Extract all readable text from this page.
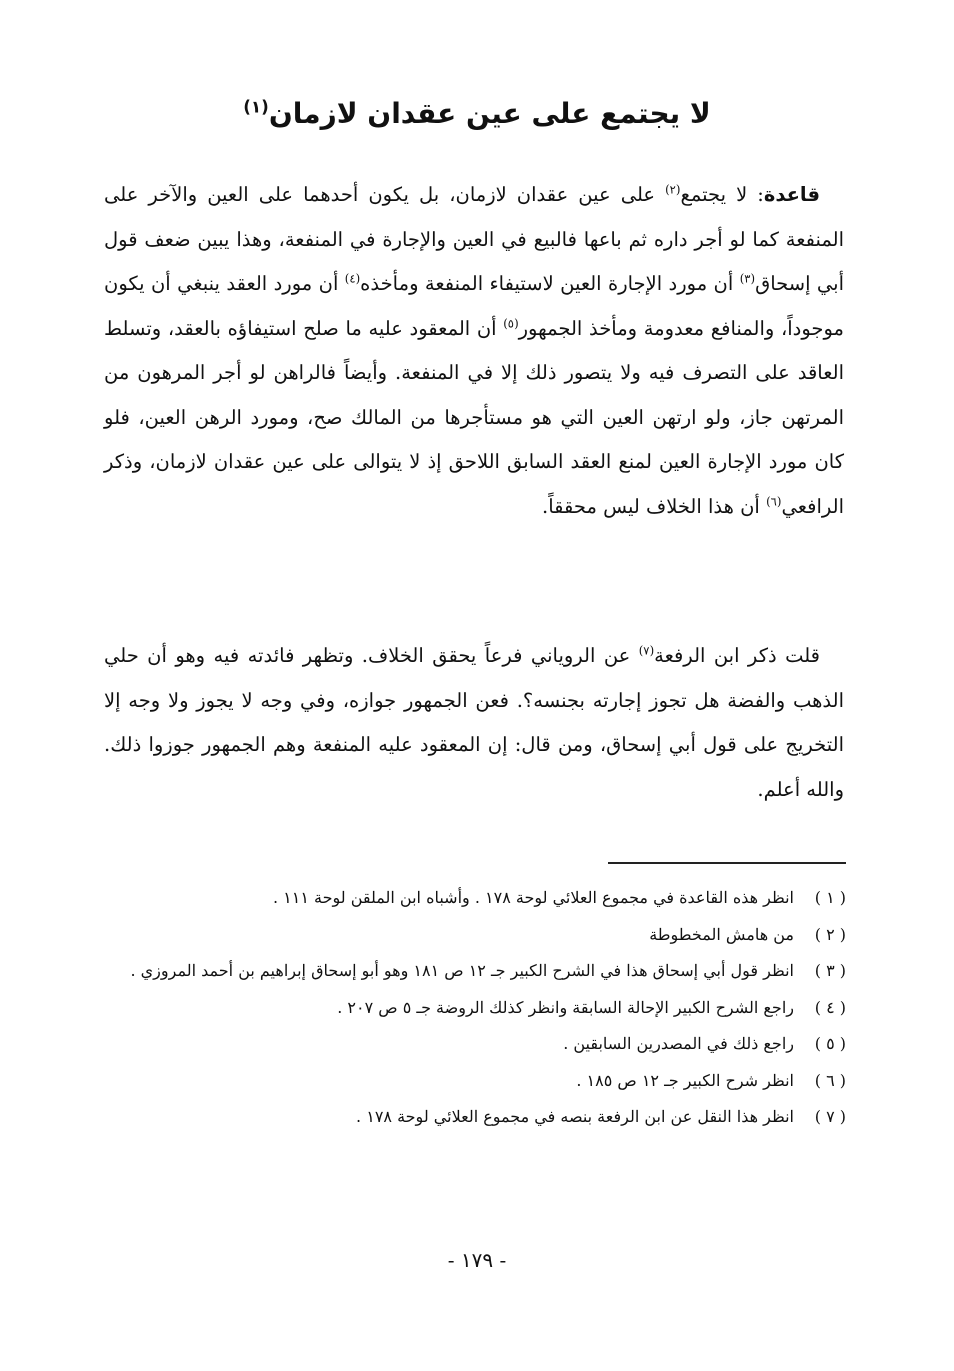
لا يجتمع على عين عقدان لازمان$^{(١)}$

قاعدة: لا يجتمع$^{(٢)}$ على عين عقدان لازمان، بل يكون أحدهما على العين والآخر على المنفعة كما لو أجر داره ثم باعها فالبيع في العين والإجارة في المنفعة، وهذا يبين ضعف قول أبي إسحاق$^{(٣)}$ أن مورد الإجارة العين لاستيفاء المنفعة ومأخذه$^{(٤)}$ أن مورد العقد ينبغي أن يكون موجوداً، والمنافع معدومة ومأخذ الجمهور$^{(٥)}$ أن المعقود عليه ما صلح استيفاؤه بالعقد، وتسلط العاقد على التصرف فيه ولا يتصور ذلك إلا في المنفعة. وأيضاً فالراهن لو أجر المرهون من المرتهن جاز، ولو ارتهن العين التي هو مستأجرها من المالك صح، ومورد الرهن العين، فلو كان مورد الإجارة العين لمنع العقد السابق اللاحق إذ لا يتوالى على عين عقدان لازمان، وذكر الرافعي$^{(٦)}$ أن هذا الخلاف ليس محققاً.

قلت ذكر ابن الرفعة$^{(٧)}$ عن الروياني فرعاً يحقق الخلاف. وتظهر فائدته فيه وهو أن حلي الذهب والفضة هل تجوز إجارته بجنسه؟. فعن الجمهور جوازه، وفي وجه لا يجوز ولا وجه إلا التخريج على قول أبي إسحاق، ومن قال: إن المعقود عليه المنفعة وهم الجمهور جوزوا ذلك. والله أعلم.

( ١ )انظر هذه القاعدة في مجموع العلائي لوحة ١٧٨ . وأشباه ابن الملقن لوحة ١١١ .
( ٢ )من هامش المخطوطة
( ٣ )انظر قول أبي إسحاق هذا في الشرح الكبير جـ ١٢ ص ١٨١ وهو أبو إسحاق إبراهيم بن أحمد المروزي .
( ٤ )راجع الشرح الكبير الإحالة السابقة وانظر كذلك الروضة جـ ٥ ص ٢٠٧ .
( ٥ )راجع ذلك في المصدرين السابقين .
( ٦ )انظر شرح الكبير جـ ١٢ ص ١٨٥ .
( ٧ )انظر هذا النقل عن ابن الرفعة بنصه في مجموع العلائي لوحة ١٧٨ .
- ١٧٩ -
